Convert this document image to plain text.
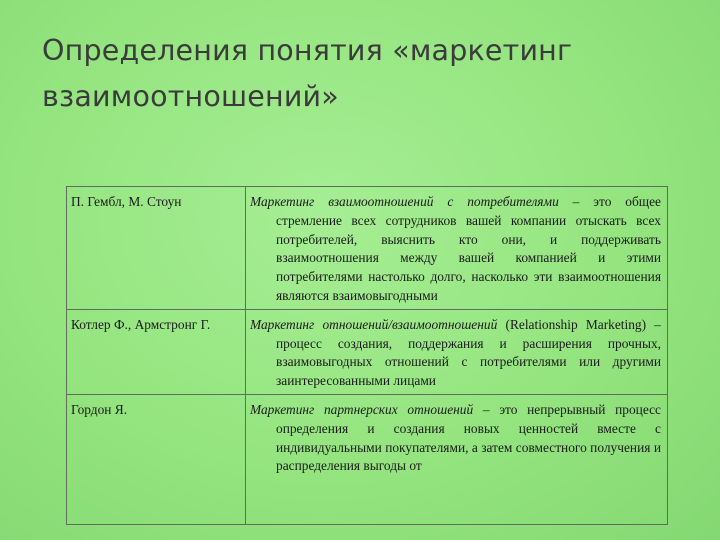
Определения понятия «маркетинг
взаимоотношений»

П. Гембл, М. Стоун	Маркетинг взаимоотношений с потребителями – это общее стремление всех сотрудников вашей компании отыскать всех потребителей, выяснить кто они, и поддерживать взаимоотношения между вашей компанией и этими потребителями настолько долго, насколько эти взаимоотношения являются взаимовыгодными

Котлер Ф., Армстронг Г.	Маркетинг отношений/взаимоотношений (Relationship Marketing) – процесс создания, поддержания и расширения прочных, взаимовыгодных отношений с потребителями или другими заинтересованными лицами

Гордон Я.	Маркетинг партнерских отношений – это непрерывный процесс определения и создания новых ценностей вместе с индивидуальными покупателями, а затем совместного получения и распределения выгоды от
